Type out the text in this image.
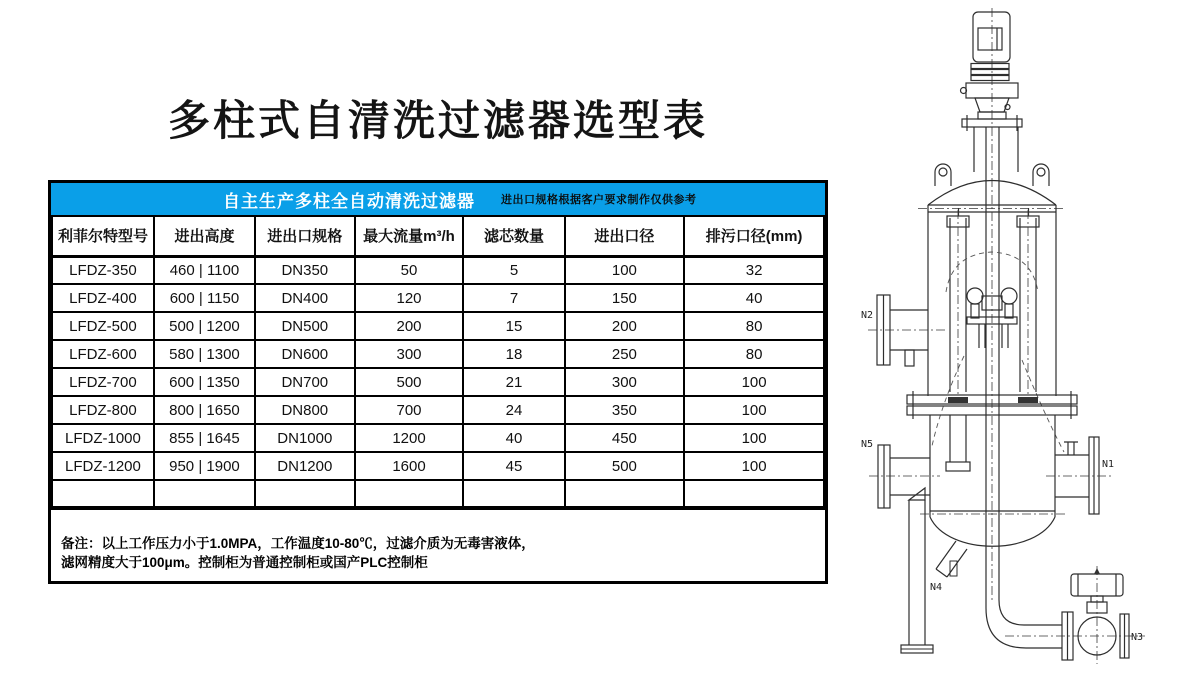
多柱式自清洗过滤器选型表
自主生产多柱全自动清洗过滤器 进出口规格根据客户要求制作仅供参考
利菲尔特型号	进出高度	进出口规格	最大流量m³/h	滤芯数量	进出口径	排污口径(mm)
LFDZ-350	460 | 1100	DN350	50	5	100	32
LFDZ-400	600 | 1150	DN400	120	7	150	40
LFDZ-500	500 | 1200	DN500	200	15	200	80
LFDZ-600	580 | 1300	DN600	300	18	250	80
LFDZ-700	600 | 1350	DN700	500	21	300	100
LFDZ-800	800 | 1650	DN800	700	24	350	100
LFDZ-1000	855 | 1645	DN1000	1200	40	450	100
LFDZ-1200	950 | 1900	DN1200	1600	45	500	100

备注：以上工作压力小于1.0MPA，工作温度10-80℃，过滤介质为无毒害液体，
滤网精度大于100μm。控制柜为普通控制柜或国产PLC控制柜
N2
N5
N1
N4
N3
